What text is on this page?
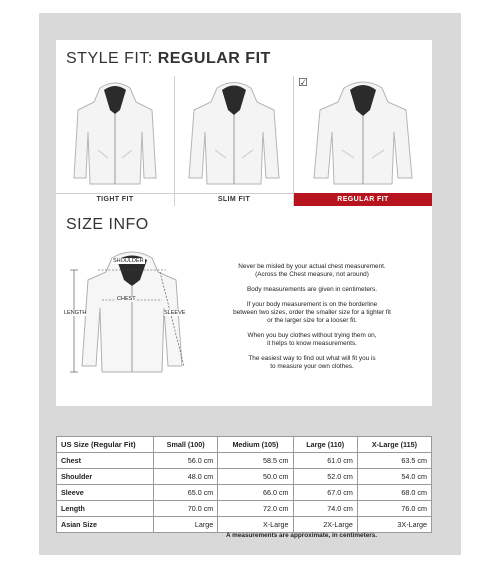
STYLE FIT: REGULAR FIT
TIGHT FIT	SLIM FIT
☑
REGULAR FIT
SIZE INFO
SHOULDER
CHEST
LENGTH	SLEEVE

Never be misled by your actual chest measurement.
(Across the Chest measure, not around)

Body measurements are given in centimeters.

If your body measurement is on the borderline
between two sizes, order the smaller size for a tighter fit
or the larger size for a looser fit.

When you buy clothes without trying them on,
it helps to know measurements.

The easiest way to find out what will fit you is
to measure your own clothes.

US Size (Regular Fit)	Small (100)	Medium (105)	Large (110)	X-Large (115)
Chest	56.0 cm	58.5 cm	61.0 cm	63.5 cm
Shoulder	48.0 cm	50.0 cm	52.0 cm	54.0 cm
Sleeve	65.0 cm	66.0 cm	67.0 cm	68.0 cm
Length	70.0 cm	72.0 cm	74.0 cm	76.0 cm
Asian Size	Large	X-Large	2X-Large	3X-Large
A measurements are approximate, in centimeters.
